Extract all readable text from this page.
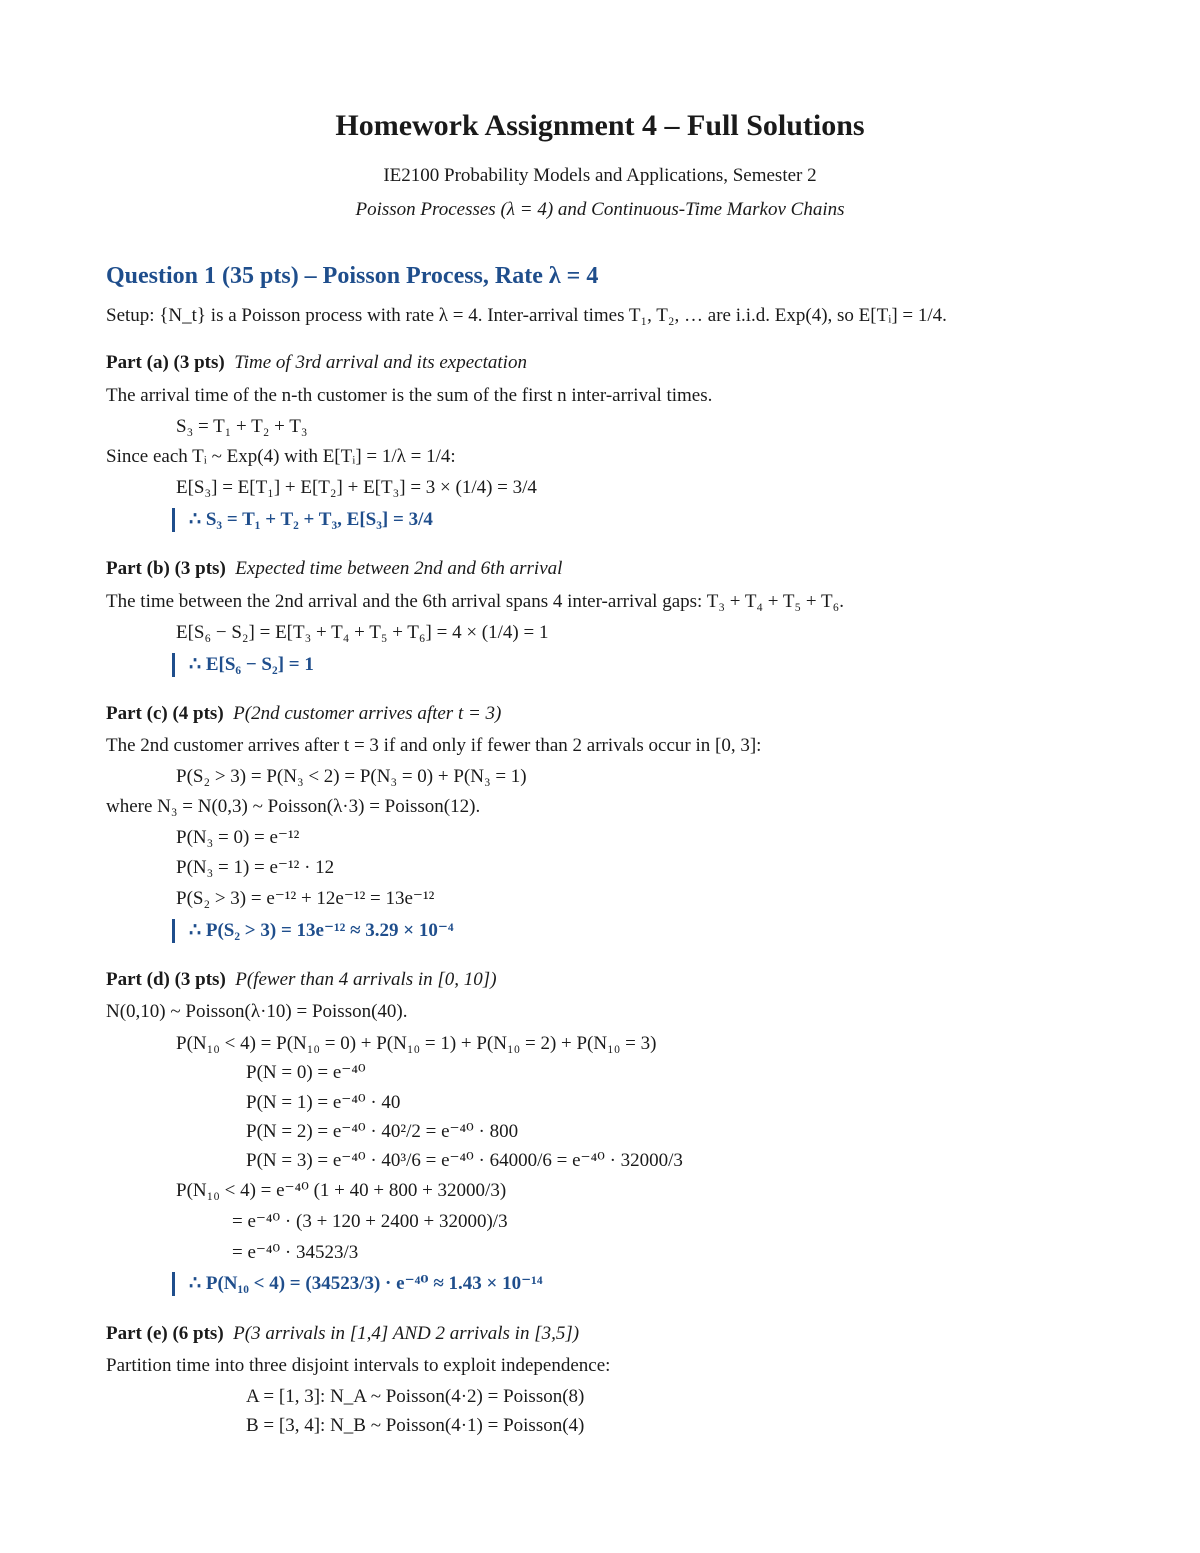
Homework Assignment 4 – Full Solutions
IE2100 Probability Models and Applications, Semester 2
Poisson Processes (λ = 4) and Continuous-Time Markov Chains
Question 1 (35 pts) – Poisson Process, Rate λ = 4
Setup: {N_t} is a Poisson process with rate λ = 4. Inter-arrival times T₁, T₂, … are i.i.d. Exp(4), so E[Tᵢ] = 1/4.
Part (a) (3 pts) Time of 3rd arrival and its expectation
The arrival time of the n-th customer is the sum of the first n inter-arrival times.
S₃ = T₁ + T₂ + T₃
Since each Tᵢ ~ Exp(4) with E[Tᵢ] = 1/λ = 1/4:
E[S₃] = E[T₁] + E[T₂] + E[T₃] = 3 × (1/4) = 3/4
∴ S₃ = T₁ + T₂ + T₃, E[S₃] = 3/4
Part (b) (3 pts) Expected time between 2nd and 6th arrival
The time between the 2nd arrival and the 6th arrival spans 4 inter-arrival gaps: T₃ + T₄ + T₅ + T₆.
E[S₆ − S₂] = E[T₃ + T₄ + T₅ + T₆] = 4 × (1/4) = 1
∴ E[S₆ − S₂] = 1
Part (c) (4 pts) P(2nd customer arrives after t = 3)
The 2nd customer arrives after t = 3 if and only if fewer than 2 arrivals occur in [0, 3]:
P(S₂ > 3) = P(N₃ < 2) = P(N₃ = 0) + P(N₃ = 1)
where N₃ = N(0,3) ~ Poisson(λ·3) = Poisson(12).
P(N₃ = 0) = e⁻¹²
P(N₃ = 1) = e⁻¹² · 12
P(S₂ > 3) = e⁻¹² + 12e⁻¹² = 13e⁻¹²
∴ P(S₂ > 3) = 13e⁻¹² ≈ 3.29 × 10⁻⁴
Part (d) (3 pts) P(fewer than 4 arrivals in [0, 10])
N(0,10) ~ Poisson(λ·10) = Poisson(40).
P(N₁₀ < 4) = P(N₁₀ = 0) + P(N₁₀ = 1) + P(N₁₀ = 2) + P(N₁₀ = 3)
P(N = 0) = e⁻⁴⁰
P(N = 1) = e⁻⁴⁰ · 40
P(N = 2) = e⁻⁴⁰ · 40²/2 = e⁻⁴⁰ · 800
P(N = 3) = e⁻⁴⁰ · 40³/6 = e⁻⁴⁰ · 64000/6 = e⁻⁴⁰ · 32000/3
P(N₁₀ < 4) = e⁻⁴⁰ (1 + 40 + 800 + 32000/3)
= e⁻⁴⁰ · (3 + 120 + 2400 + 32000)/3
= e⁻⁴⁰ · 34523/3
∴ P(N₁₀ < 4) = (34523/3) · e⁻⁴⁰ ≈ 1.43 × 10⁻¹⁴
Part (e) (6 pts) P(3 arrivals in [1,4] AND 2 arrivals in [3,5])
Partition time into three disjoint intervals to exploit independence:
A = [1, 3]: N_A ~ Poisson(4·2) = Poisson(8)
B = [3, 4]: N_B ~ Poisson(4·1) = Poisson(4)
